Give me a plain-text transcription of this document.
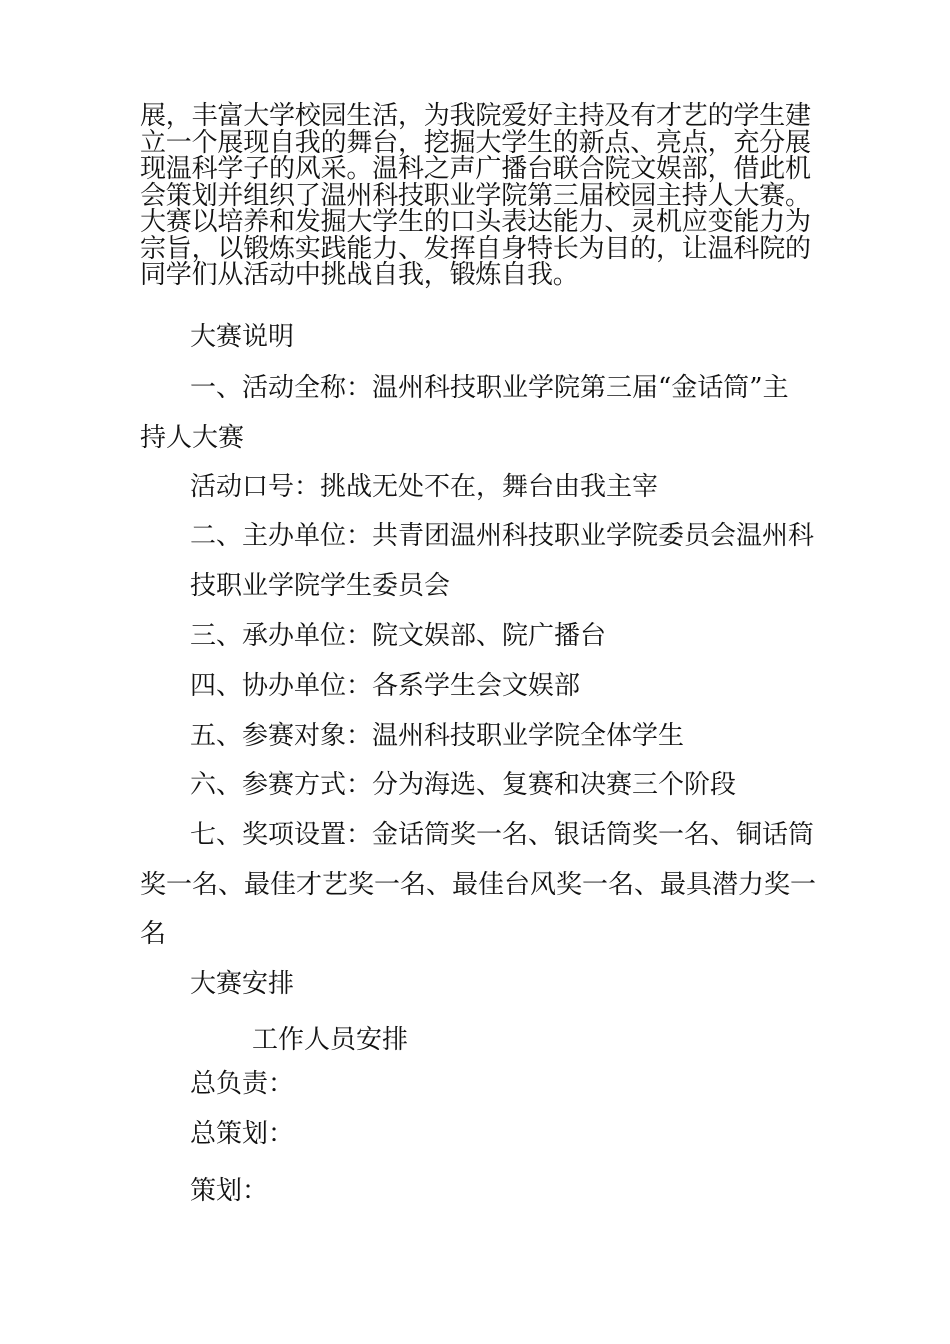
展，丰富大学校园生活，为我院爱好主持及有才艺的学生建

立一个展现自我的舞台，挖掘大学生的新点、亮点，充分展

现温科学子的风采。温科之声广播台联合院文娱部，借此机

会策划并组织了温州科技职业学院第三届校园主持人大赛。

大赛以培养和发掘大学生的口头表达能力、灵机应变能力为

宗旨，以锻炼实践能力、发挥自身特长为目的，让温科院的

同学们从活动中挑战自我，锻炼自我。

大赛说明
一、活动全称：温州科技职业学院第三届“金话筒”主
持人大赛
活动口号：挑战无处不在，舞台由我主宰
二、主办单位：共青团温州科技职业学院委员会温州科
技职业学院学生委员会
三、承办单位：院文娱部、院广播台
四、协办单位：各系学生会文娱部
五、参赛对象：温州科技职业学院全体学生
六、参赛方式：分为海选、复赛和决赛三个阶段
七、奖项设置：金话筒奖一名、银话筒奖一名、铜话筒
奖一名、最佳才艺奖一名、最佳台风奖一名、最具潜力奖一
名
大赛安排
工作人员安排
总负责：
总策划：
策划：
